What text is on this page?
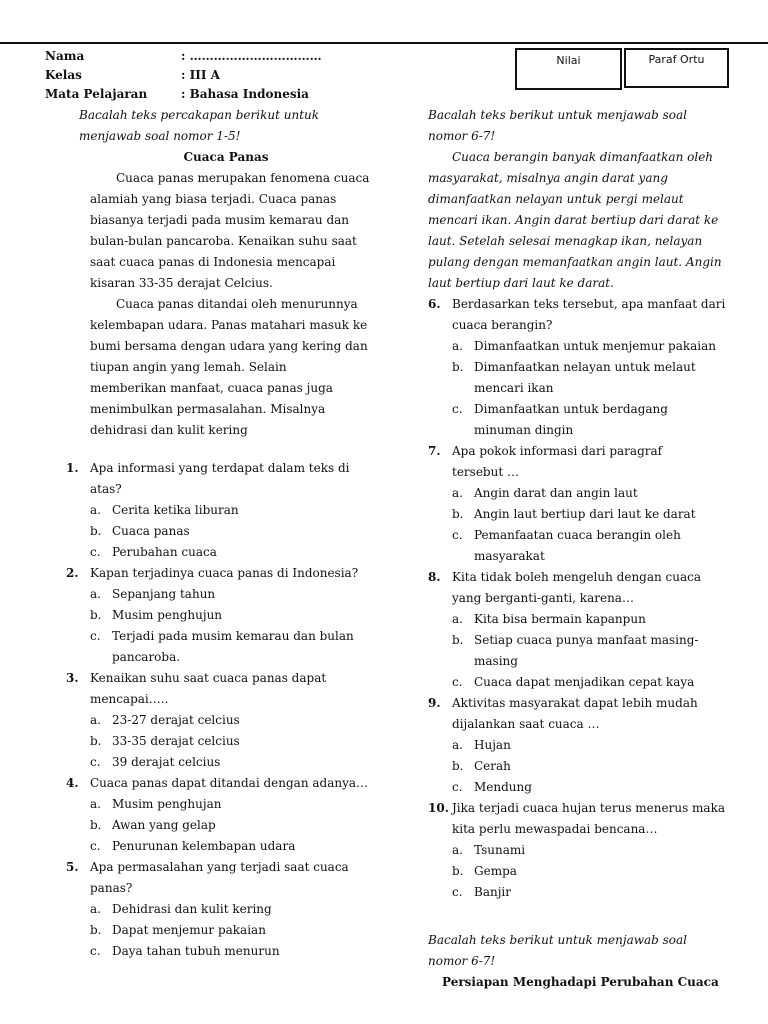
Nama	: ……………………………
Kelas	: III A
Mata Pelajaran	: Bahasa Indonesia
Nilai	Paraf Ortu
Bacalah teks percakapan berikut untuk
menjawab soal nomor 1-5!
Cuaca Panas
Cuaca panas merupakan fenomena cuaca
alamiah yang biasa terjadi. Cuaca panas
biasanya terjadi pada musim kemarau dan
bulan-bulan pancaroba. Kenaikan suhu saat
saat cuaca panas di Indonesia mencapai
kisaran 33-35 derajat Celcius.
Cuaca panas ditandai oleh menurunnya
kelembapan udara. Panas matahari masuk ke
bumi bersama dengan udara yang kering dan
tiupan angin yang lemah. Selain
memberikan manfaat, cuaca panas juga
menimbulkan permasalahan. Misalnya
dehidrasi dan kulit kering
1. Apa informasi yang terdapat dalam teks di
atas?
a. Cerita ketika liburan
b. Cuaca panas
c. Perubahan cuaca
2. Kapan terjadinya cuaca panas di Indonesia?
a. Sepanjang tahun
b. Musim penghujun
c. Terjadi pada musim kemarau dan bulan
pancaroba.
3. Kenaikan suhu saat cuaca panas dapat
mencapai…..
a. 23-27 derajat celcius
b. 33-35 derajat celcius
c. 39 derajat celcius
4. Cuaca panas dapat ditandai dengan adanya…
a. Musim penghujan
b. Awan yang gelap
c. Penurunan kelembapan udara
5. Apa permasalahan yang terjadi saat cuaca
panas?
a. Dehidrasi dan kulit kering
b. Dapat menjemur pakaian
c. Daya tahan tubuh menurun
Bacalah teks berikut untuk menjawab soal
nomor 6-7!
Cuaca berangin banyak dimanfaatkan oleh
masyarakat, misalnya angin darat yang
dimanfaatkan nelayan untuk pergi melaut
mencari ikan. Angin darat bertiup dari darat ke
laut. Setelah selesai menagkap ikan, nelayan
pulang dengan memanfaatkan angin laut. Angin
laut bertiup dari laut ke darat.
6. Berdasarkan teks tersebut, apa manfaat dari
cuaca berangin?
a. Dimanfaatkan untuk menjemur pakaian
b. Dimanfaatkan nelayan untuk melaut
mencari ikan
c. Dimanfaatkan untuk berdagang
minuman dingin
7. Apa pokok informasi dari paragraf
tersebut …
a. Angin darat dan angin laut
b. Angin laut bertiup dari laut ke darat
c. Pemanfaatan cuaca berangin oleh
masyarakat
8. Kita tidak boleh mengeluh dengan cuaca
yang berganti-ganti, karena…
a. Kita bisa bermain kapanpun
b. Setiap cuaca punya manfaat masing-
masing
c. Cuaca dapat menjadikan cepat kaya
9. Aktivitas masyarakat dapat lebih mudah
dijalankan saat cuaca …
a. Hujan
b. Cerah
c. Mendung
10. Jika terjadi cuaca hujan terus menerus maka
kita perlu mewaspadai bencana…
a. Tsunami
b. Gempa
c. Banjir
Bacalah teks berikut untuk menjawab soal
nomor 6-7!
Persiapan Menghadapi Perubahan Cuaca
